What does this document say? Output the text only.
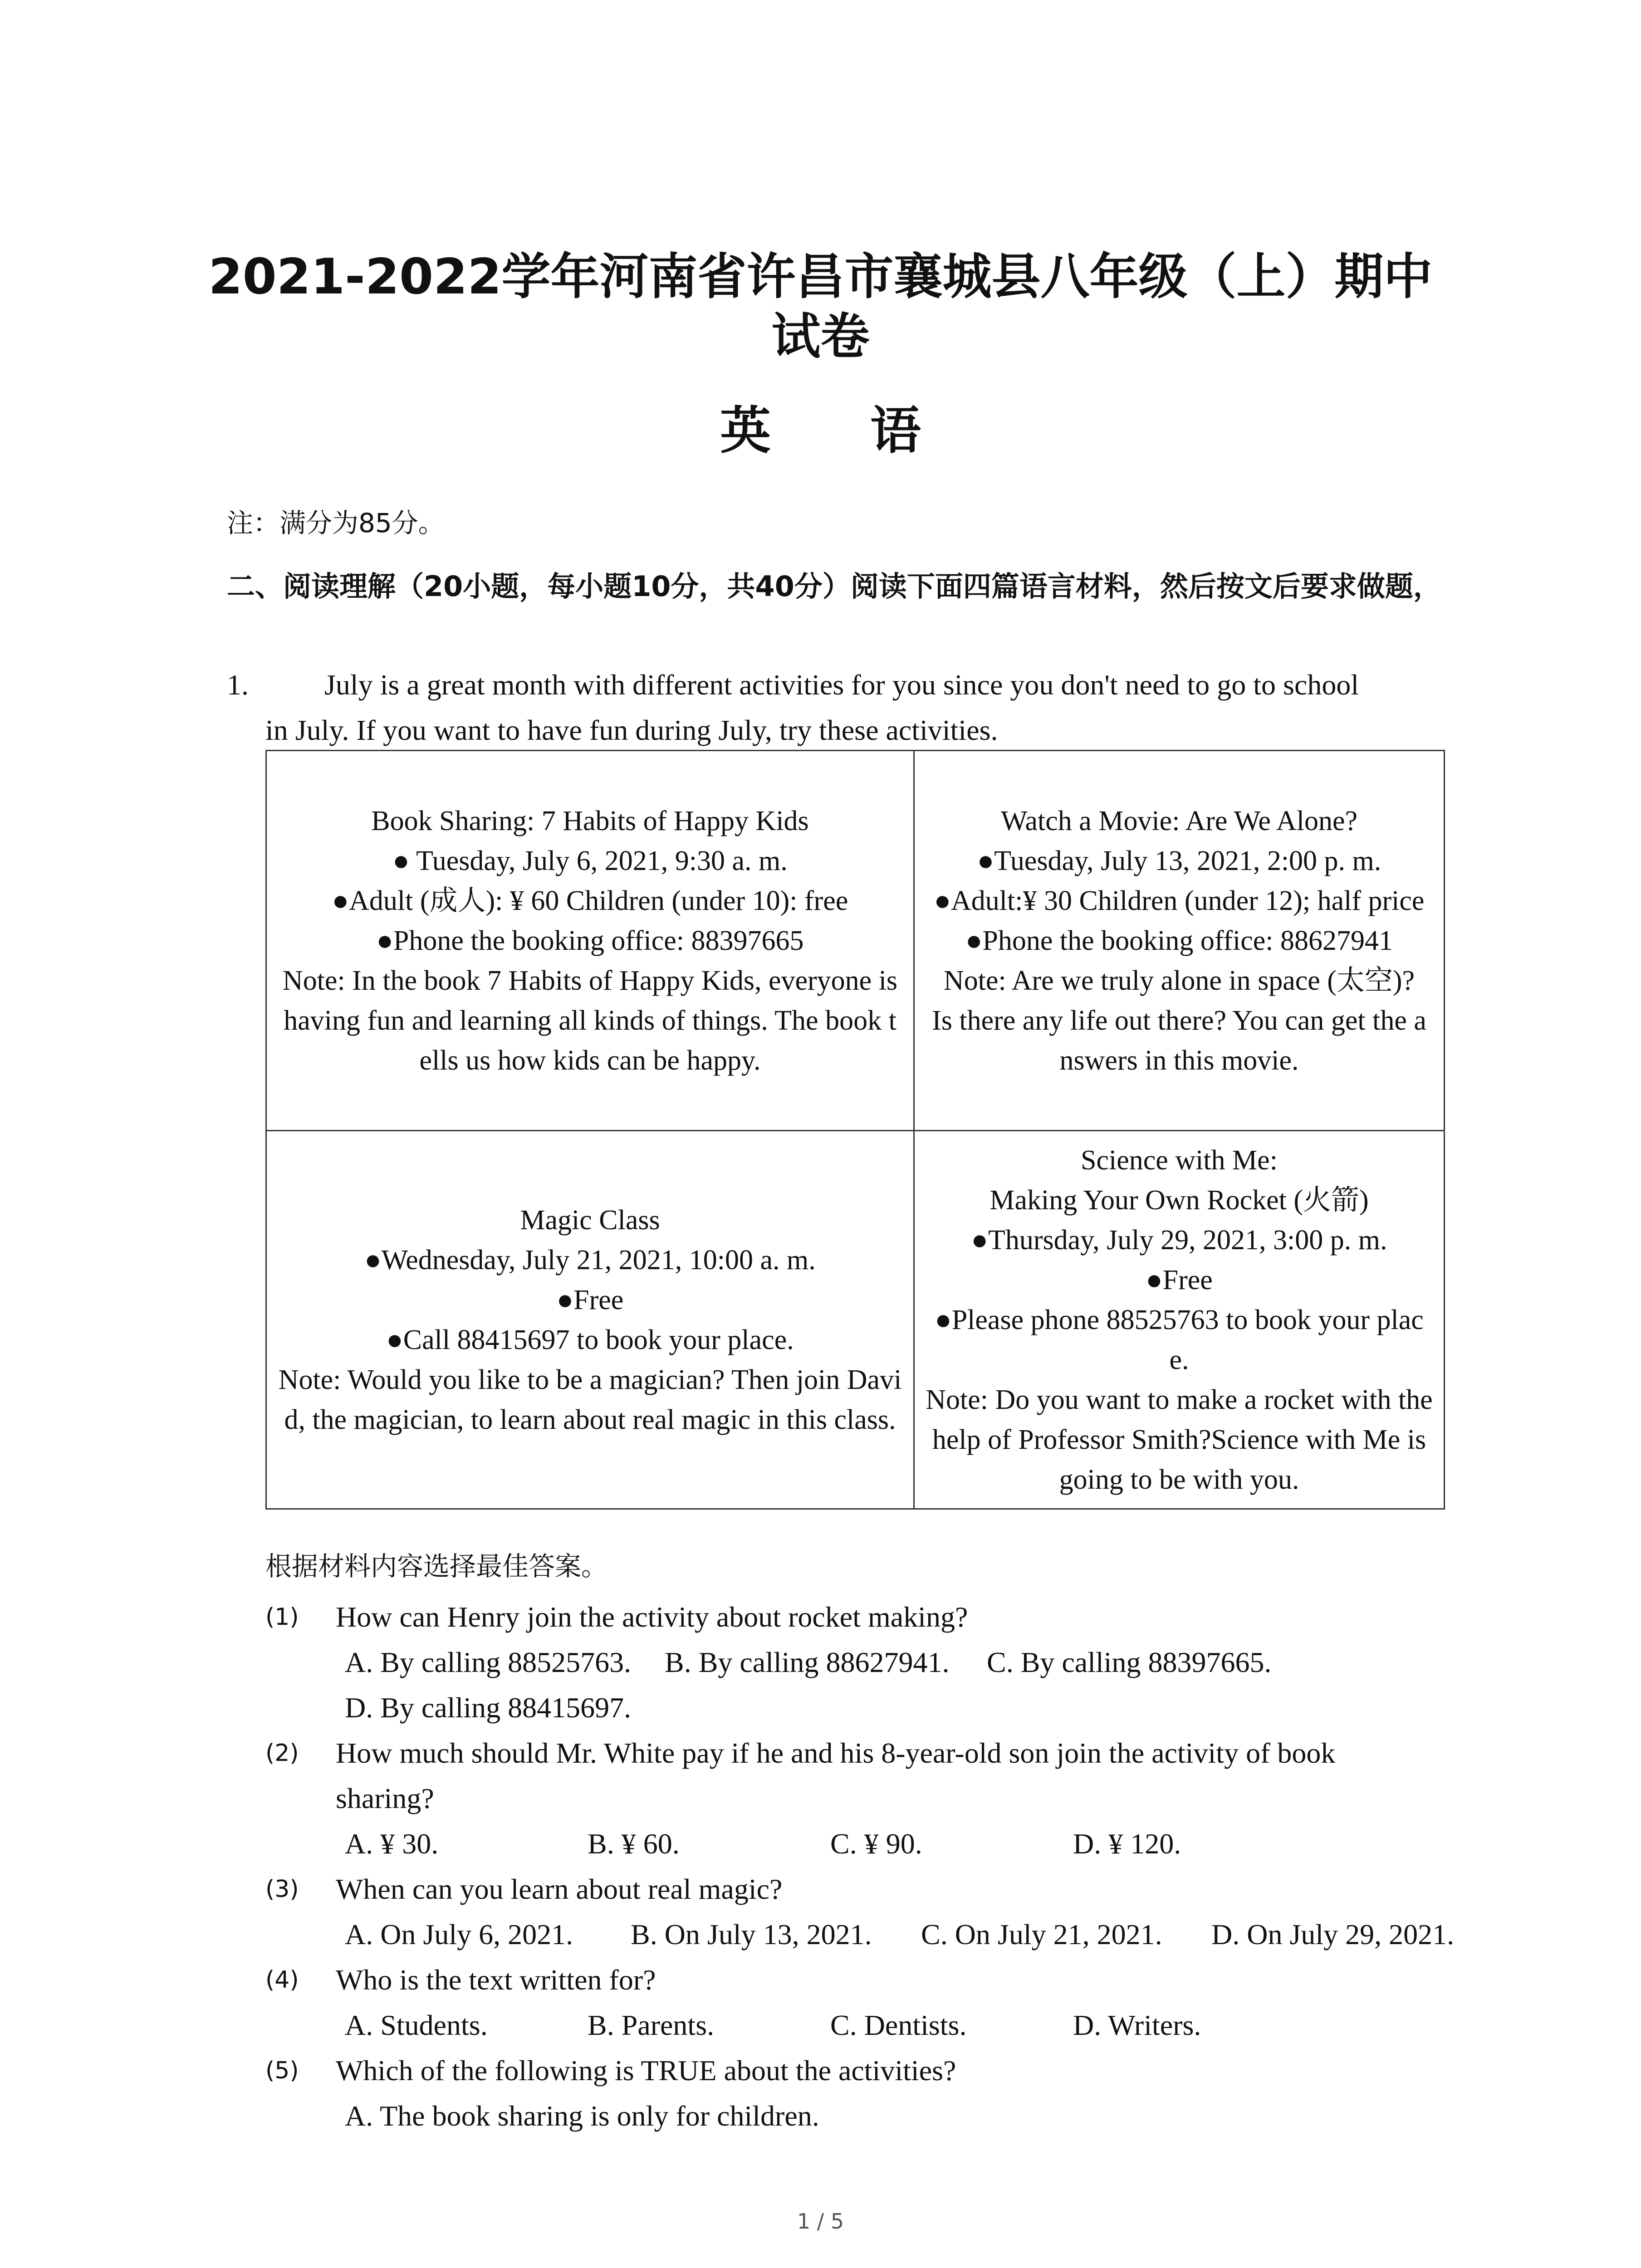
2021-2022学年河南省许昌市襄城县八年级（上）期中
试卷
英 语
注：满分为85分。
二、阅读理解（20小题，每小题10分，共40分）阅读下面四篇语言材料，然后按文后要求做题，
1.	July is a great month with different activities for you since you don't need to go to school
in July. If you want to have fun during July, try these activities.
Book Sharing: 7 Habits of Happy Kids
● Tuesday, July 6, 2021, 9:30 a. m.
●Adult (成人): ¥ 60 Children (under 10): free
●Phone the booking office: 88397665
Note: In the book 7 Habits of Happy Kids, everyone is having fun and learning all kinds of things. The book tells us how kids can be happy.
Watch a Movie: Are We Alone?
●Tuesday, July 13, 2021, 2:00 p. m.
●Adult:¥ 30 Children (under 12); half price
●Phone the booking office: 88627941
Note: Are we truly alone in space (太空)?
Is there any life out there? You can get the answers in this movie.
Magic Class
●Wednesday, July 21, 2021, 10:00 a. m.
●Free
●Call 88415697 to book your place.
Note: Would you like to be a magician? Then join David, the magician, to learn about real magic in this class.
Science with Me:
Making Your Own Rocket (火箭)
●Thursday, July 29, 2021, 3:00 p. m.
●Free
●Please phone 88525763 to book your place.
Note: Do you want to make a rocket with the help of Professor Smith?Science with Me is going to be with you.
根据材料内容选择最佳答案。
(1) How can Henry join the activity about rocket making?
A. By calling 88525763. B. By calling 88627941. C. By calling 88397665.
D. By calling 88415697.
(2) How much should Mr. White pay if he and his 8-year-old son join the activity of book
sharing?
A. ¥ 30.	B. ¥ 60.	C. ¥ 90.	D. ¥ 120.
(3) When can you learn about real magic?
A. On July 6, 2021. B. On July 13, 2021. C. On July 21, 2021. D. On July 29, 2021.
(4) Who is the text written for?
A. Students.	B. Parents.	C. Dentists.	D. Writers.
(5) Which of the following is TRUE about the activities?
A. The book sharing is only for children.
1 / 5
